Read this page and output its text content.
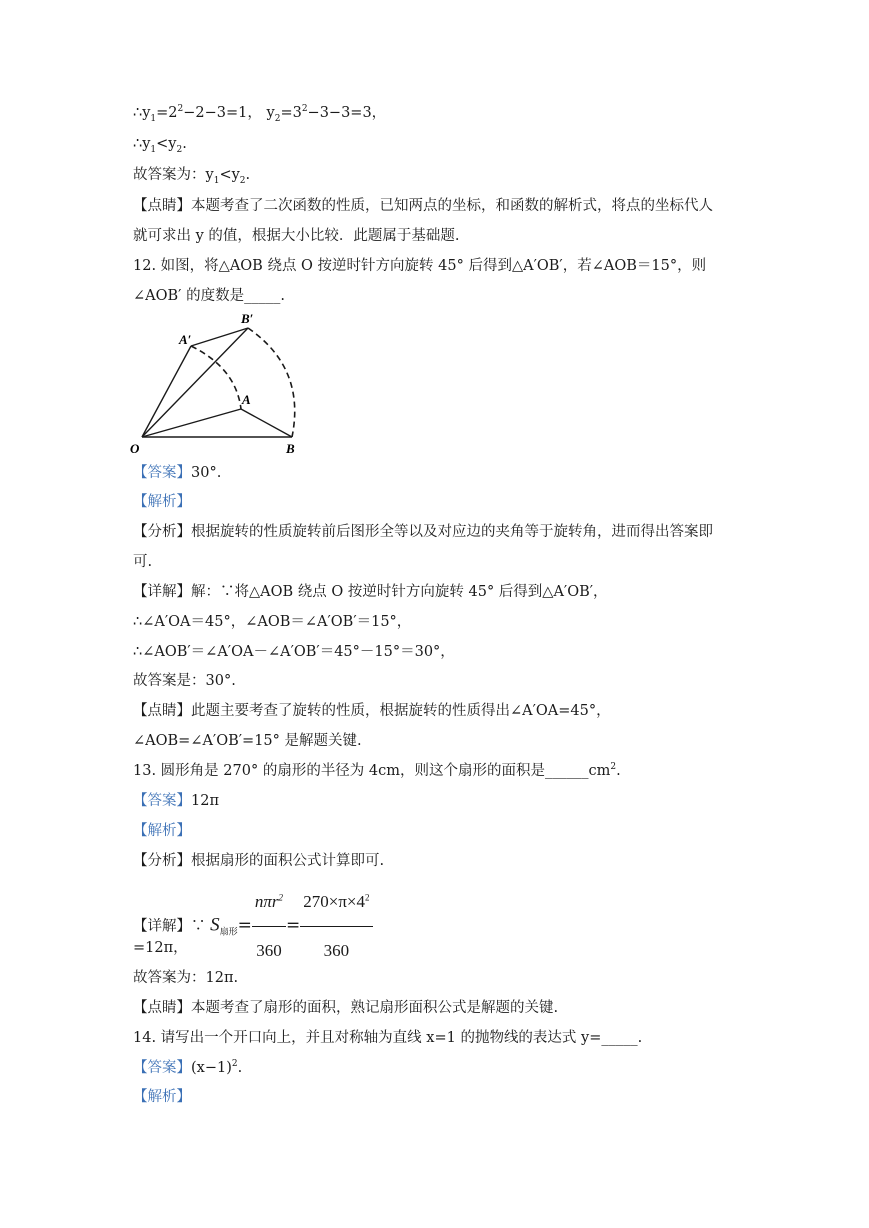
$\therefore y_1=2^2-2-3=1$， $y_2=3^2-3-3=3$，
$\therefore y_1<y_2$.
故答案为：$y_1<y_2$.
【点睛】本题考查了二次函数的性质，已知两点的坐标，和函数的解析式，将点的坐标代人
就可求出 y 的值，根据大小比较．此题属于基础题.
12. 如图，将△AOB 绕点 O 按逆时针方向旋转 45° 后得到△A′OB′，若∠AOB＝15°，则
∠AOB′ 的度数是_____.
O	B
A
A′
B′
【答案】30°.
【解析】
【分析】根据旋转的性质旋转前后图形全等以及对应边的夹角等于旋转角，进而得出答案即
可.
【详解】解：∵将△AOB 绕点 O 按逆时针方向旋转 45° 后得到△A′OB′，
∴∠A′OA＝45°，∠AOB＝∠A′OB′＝15°，
∴∠AOB′＝∠A′OA－∠A′OB′＝45°－15°＝30°，
故答案是：30°.
【点睛】此题主要考查了旋转的性质，根据旋转的性质得出∠A′OA=45°，
∠AOB=∠A′OB′=15° 是解题关键.
13. 圆形角是 270° 的扇形的半径为 4cm，则这个扇形的面积是$\_\_\_\_\_\_cm^2$.
【答案】12π
【解析】
【分析】根据扇形的面积公式计算即可.
【详解】∵ $S_{扇形}= \frac{n\pi r^2}{360} = \frac{270\times\pi\times 4^2}{360}$
=12π，
故答案为：12π.
【点睛】本题考查了扇形的面积，熟记扇形面积公式是解题的关键.
14. 请写出一个开口向上，并且对称轴为直线 x=1 的抛物线的表达式 y=_____.
【答案】$(x-1)^2$.
【解析】
